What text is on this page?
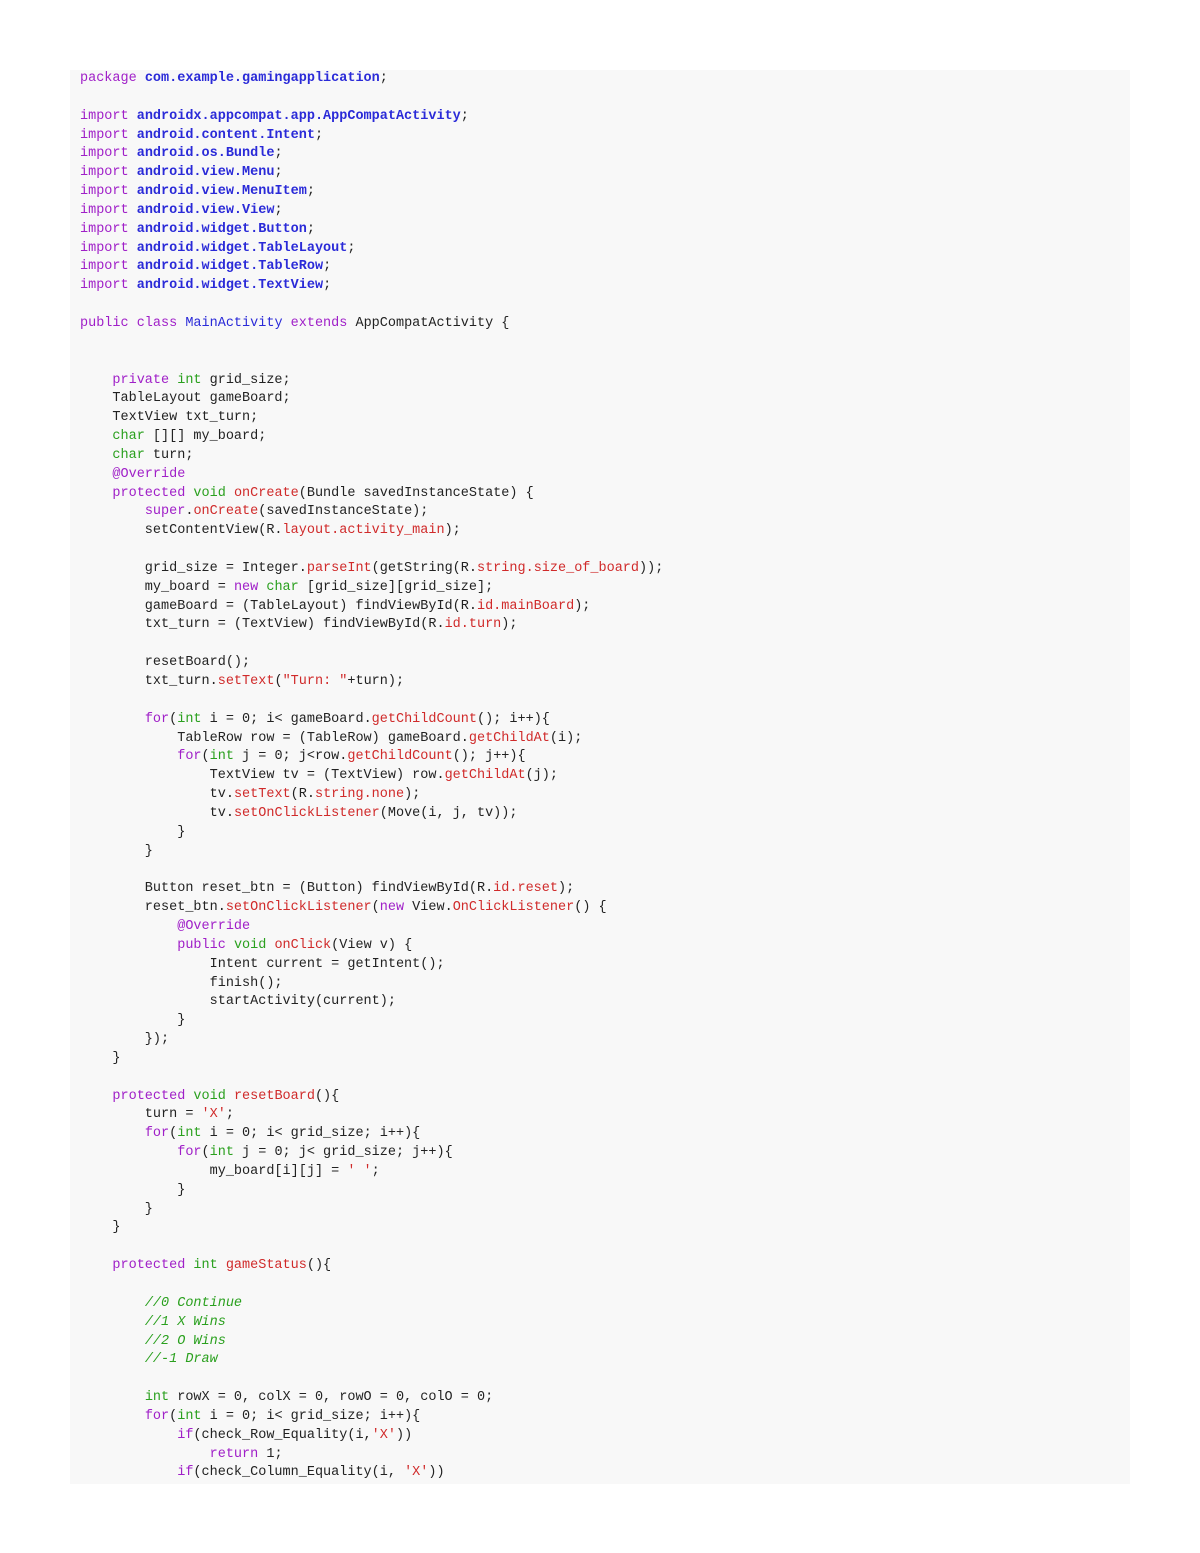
package com.example.gamingapplication;

import androidx.appcompat.app.AppCompatActivity;
import android.content.Intent;
import android.os.Bundle;
import android.view.Menu;
import android.view.MenuItem;
import android.view.View;
import android.widget.Button;
import android.widget.TableLayout;
import android.widget.TableRow;
import android.widget.TextView;

public class MainActivity extends AppCompatActivity {

private int grid_size;
TableLayout gameBoard;
TextView txt_turn;
char [][] my_board;
char turn;
@Override
protected void onCreate(Bundle savedInstanceState) {
super.onCreate(savedInstanceState);
setContentView(R.layout.activity_main);

grid_size = Integer.parseInt(getString(R.string.size_of_board));
my_board = new char [grid_size][grid_size];
gameBoard = (TableLayout) findViewById(R.id.mainBoard);
txt_turn = (TextView) findViewById(R.id.turn);

resetBoard();
txt_turn.setText("Turn: "+turn);

for(int i = 0; i< gameBoard.getChildCount(); i++){
TableRow row = (TableRow) gameBoard.getChildAt(i);
for(int j = 0; j<row.getChildCount(); j++){
TextView tv = (TextView) row.getChildAt(j);
tv.setText(R.string.none);
tv.setOnClickListener(Move(i, j, tv));
}
}

Button reset_btn = (Button) findViewById(R.id.reset);
reset_btn.setOnClickListener(new View.OnClickListener() {
@Override
public void onClick(View v) {
Intent current = getIntent();
finish();
startActivity(current);
}
});
}

protected void resetBoard(){
turn = 'X';
for(int i = 0; i< grid_size; i++){
for(int j = 0; j< grid_size; j++){
my_board[i][j] = ' ';
}
}
}

protected int gameStatus(){

//0 Continue
//1 X Wins
//2 O Wins
//-1 Draw

int rowX = 0, colX = 0, rowO = 0, colO = 0;
for(int i = 0; i< grid_size; i++){
if(check_Row_Equality(i,'X'))
return 1;
if(check_Column_Equality(i, 'X'))
